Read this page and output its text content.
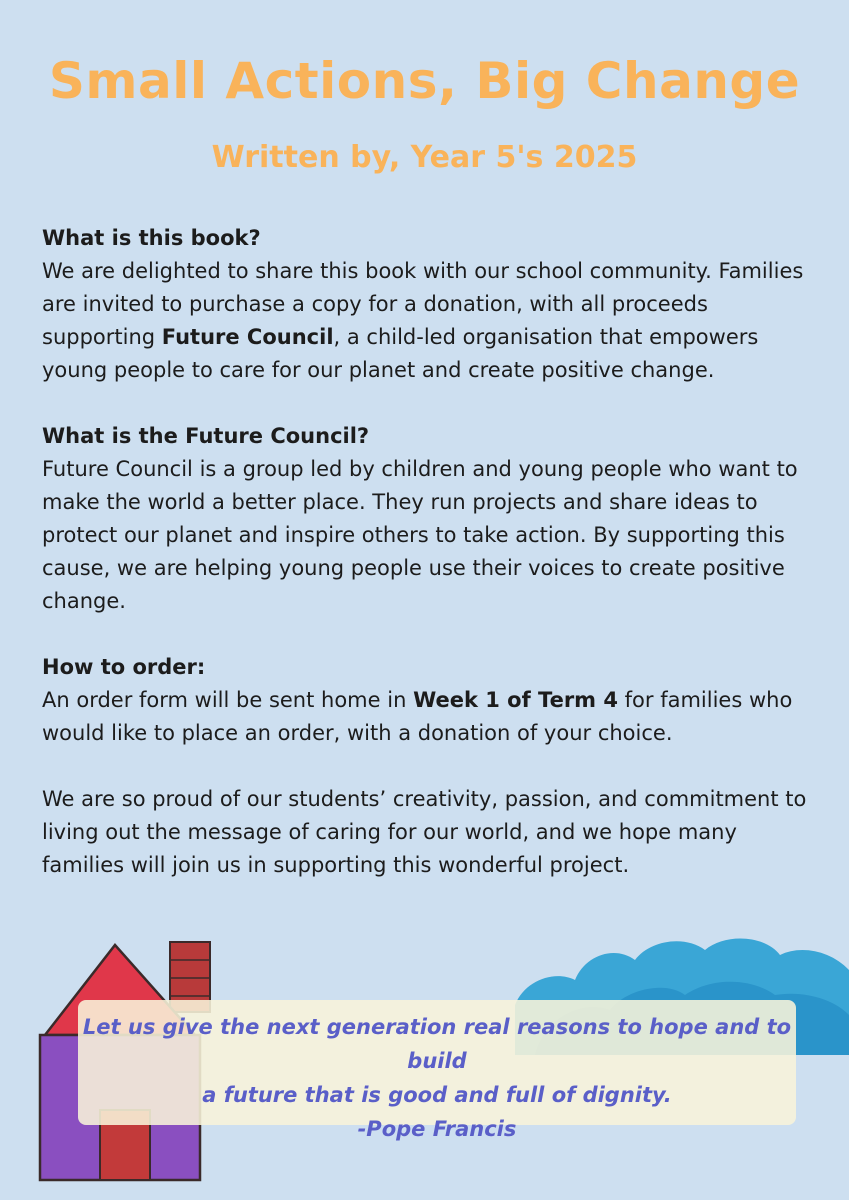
Small Actions, Big Change
Written by, Year 5's 2025
What is this book?

We are delighted to share this book with our school community. Families are invited to purchase a copy for a donation, with all proceeds supporting Future Council, a child-led organisation that empowers young people to care for our planet and create positive change.

What is the Future Council?

Future Council is a group led by children and young people who want to make the world a better place. They run projects and share ideas to protect our planet and inspire others to take action. By supporting this cause, we are helping young people use their voices to create positive change.

How to order:

An order form will be sent home in Week 1 of Term 4 for families who would like to place an order, with a donation of your choice.

We are so proud of our students’ creativity, passion, and commitment to living out the message of caring for our world, and we hope many families will join us in supporting this wonderful project.

Let us give the next generation real reasons to hope and to build

a future that is good and full of dignity.

-Pope Francis
